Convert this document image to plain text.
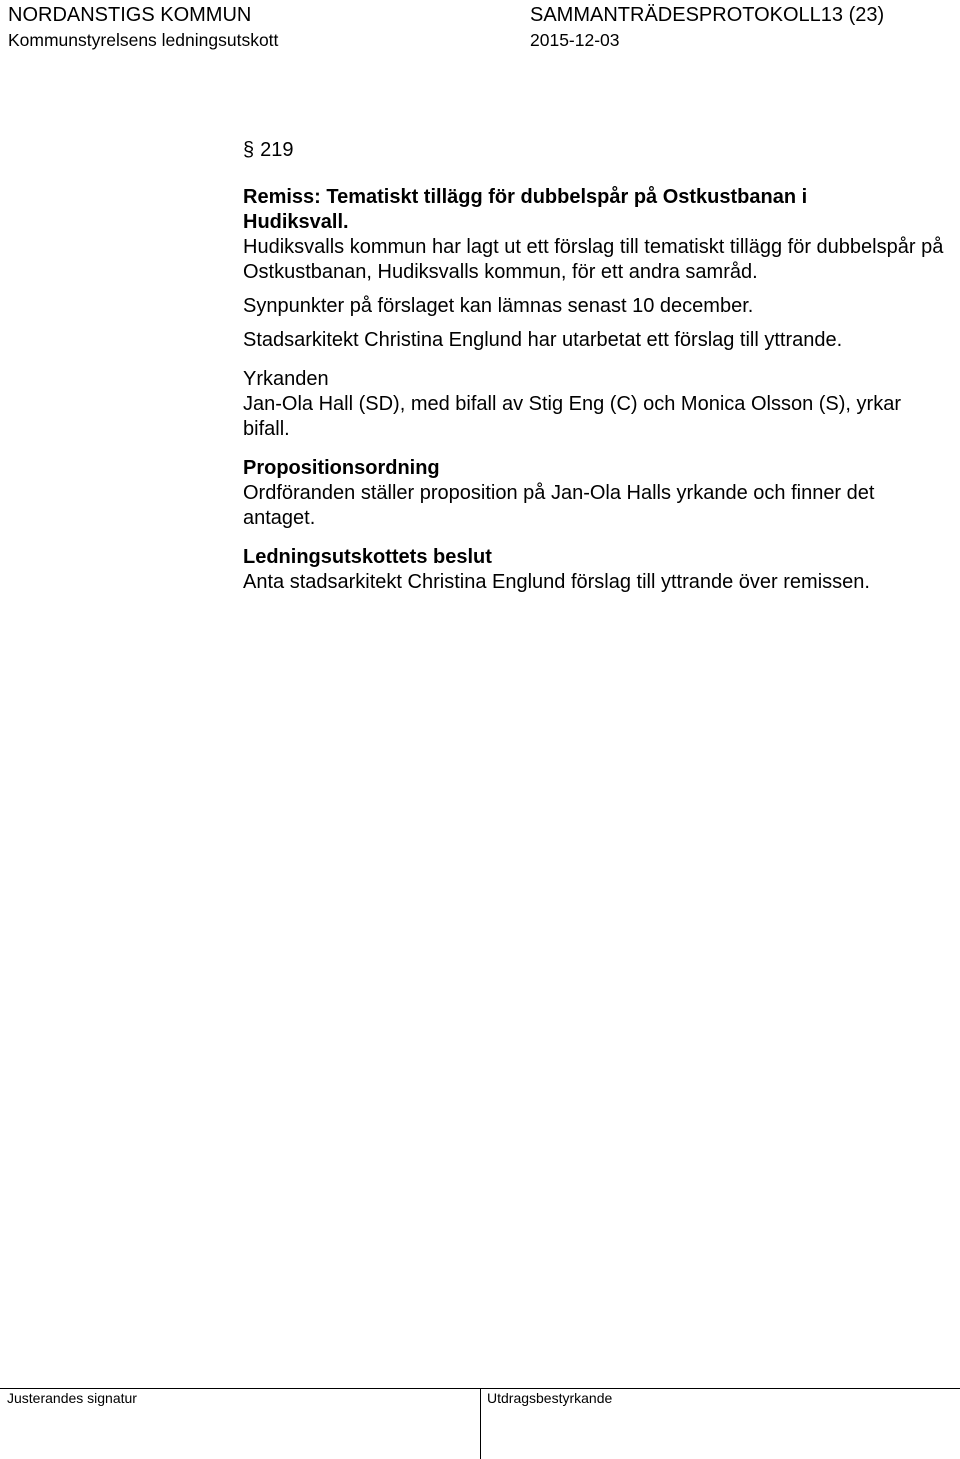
NORDANSTIGS KOMMUN
Kommunstyrelsens ledningsutskott
SAMMANTRÄDESPROTOKOLL13 (23)
2015-12-03
§ 219

Remiss: Tematiskt tillägg för dubbelspår på Ostkustbanan i

Hudiksvall.

Hudiksvalls kommun har lagt ut ett förslag till tematiskt tillägg för dubbelspår på Ostkustbanan, Hudiksvalls kommun, för ett andra samråd.

Synpunkter på förslaget kan lämnas senast 10 december.

Stadsarkitekt Christina Englund har utarbetat ett förslag till yttrande.

Yrkanden

Jan-Ola Hall (SD), med bifall av Stig Eng (C) och Monica Olsson (S), yrkar bifall.

Propositionsordning

Ordföranden ställer proposition på Jan-Ola Halls yrkande och finner det antaget.

Ledningsutskottets beslut

Anta stadsarkitekt Christina Englund förslag till yttrande över remissen.

Justerandes signatur	Utdragsbestyrkande
